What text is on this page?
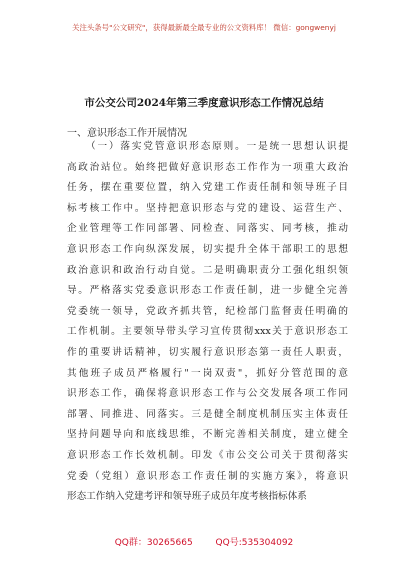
关注头条号"公文研究"，获得最新最全最专业的公文资料库！ 微信：gongwenyj
市公交公司2024年第三季度意识形态工作情况总结
一、意识形态工作开展情况
（一）落实党管意识形态原则。一是统一思想认识提
高政治站位。始终把做好意识形态工作作为一项重大政治
任务，摆在重要位置，纳入党建工作责任制和领导班子目
标考核工作中。坚持把意识形态与党的建设、运营生产、
企业管理等工作同部署、同检查、同落实、同考核，推动
意识形态工作向纵深发展，切实提升全体干部职工的思想
政治意识和政治行动自觉。二是明确职责分工强化组织领
导。严格落实党委意识形态工作责任制，进一步健全完善
党委统一领导，党政齐抓共管，纪检部门监督责任明确的
工作机制。主要领导带头学习宣传贯彻xxx关于意识形态工
作的重要讲话精神，切实履行意识形态第一责任人职责，
其他班子成员严格履行"一岗双责"，抓好分管范围的意
识形态工作，确保将意识形态工作与公交发展各项工作同
部署、同推进、同落实。三是健全制度机制压实主体责任
坚持问题导向和底线思维，不断完善相关制度，建立健全
意识形态工作长效机制。印发《市公交公司关于贯彻落实
党委（党组）意识形态工作责任制的实施方案》，将意识
形态工作纳入党建考评和领导班子成员年度考核指标体系
QQ群：30265665	QQ号:535304092
